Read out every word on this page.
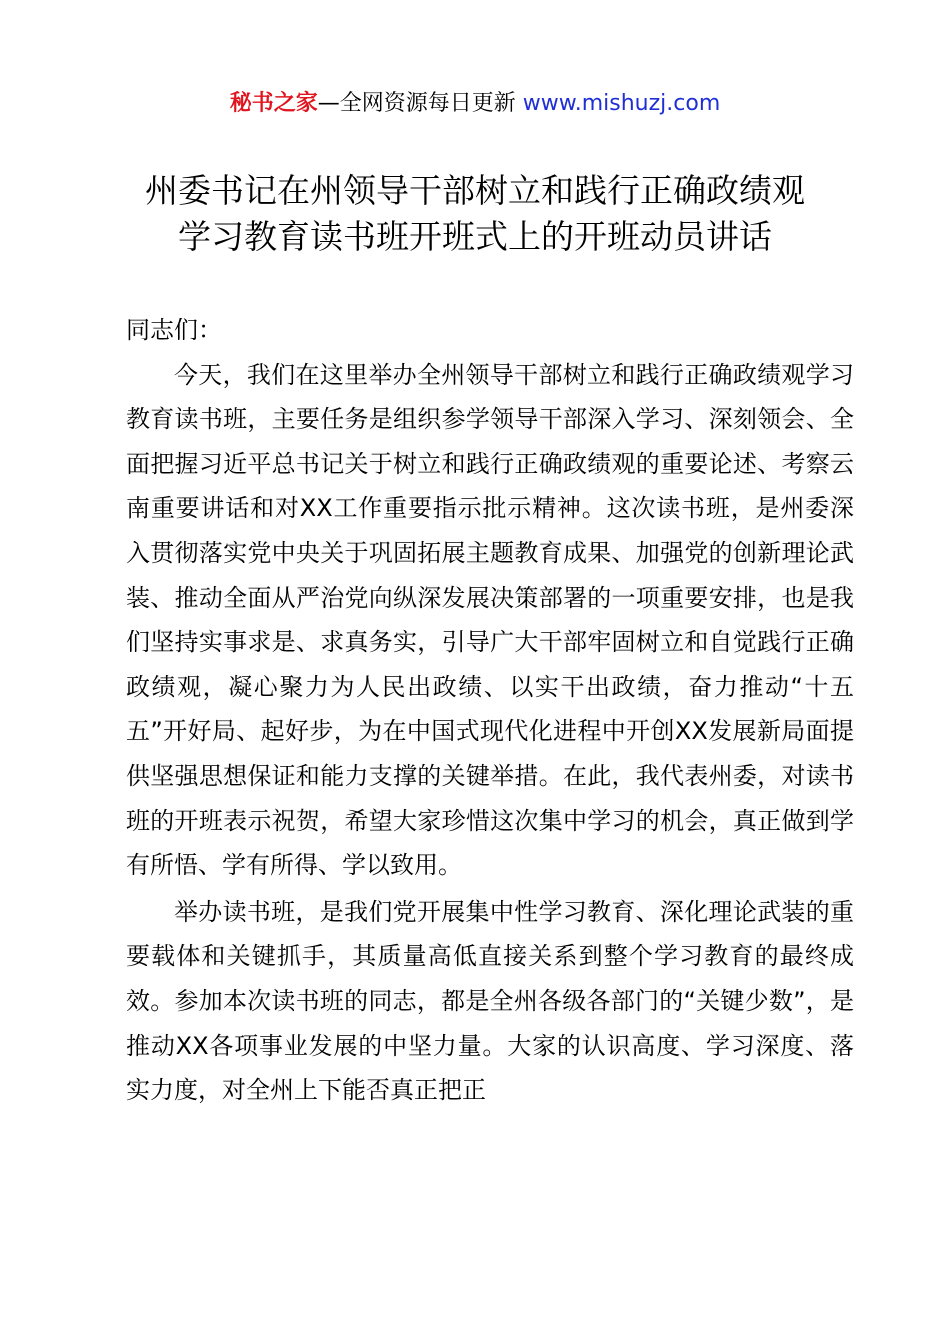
秘书之家—全网资源每日更新 www.mishuzj.com
州委书记在州领导干部树立和践行正确政绩观
学习教育读书班开班式上的开班动员讲话

同志们：

今天，我们在这里举办全州领导干部树立和践行正确政绩观学习教育读书班，主要任务是组织参学领导干部深入学习、深刻领会、全面把握习近平总书记关于树立和践行正确政绩观的重要论述、考察云南重要讲话和对XX工作重要指示批示精神。这次读书班，是州委深入贯彻落实党中央关于巩固拓展主题教育成果、加强党的创新理论武装、推动全面从严治党向纵深发展决策部署的一项重要安排，也是我们坚持实事求是、求真务实，引导广大干部牢固树立和自觉践行正确政绩观，凝心聚力为人民出政绩、以实干出政绩，奋力推动“十五五”开好局、起好步，为在中国式现代化进程中开创XX发展新局面提供坚强思想保证和能力支撑的关键举措。在此，我代表州委，对读书班的开班表示祝贺，希望大家珍惜这次集中学习的机会，真正做到学有所悟、学有所得、学以致用。

举办读书班，是我们党开展集中性学习教育、深化理论武装的重要载体和关键抓手，其质量高低直接关系到整个学习教育的最终成效。参加本次读书班的同志，都是全州各级各部门的“关键少数”，是推动XX各项事业发展的中坚力量。大家的认识高度、学习深度、落实力度，对全州上下能否真正把正
